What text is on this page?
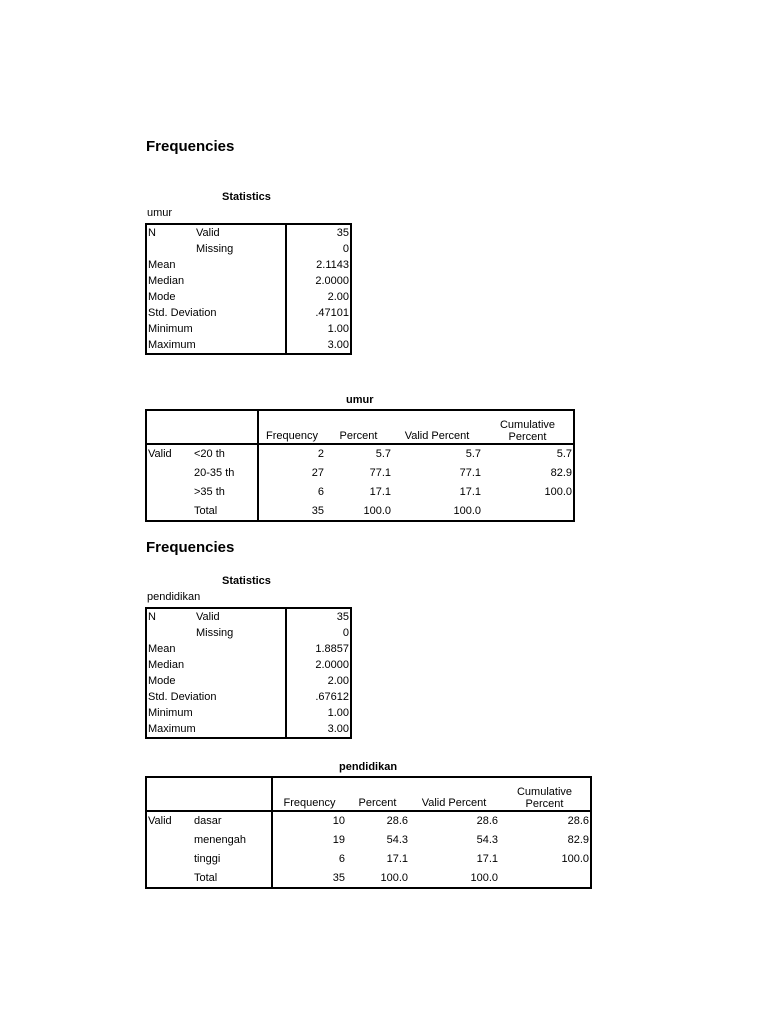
Frequencies
Statistics
umur
N	Valid	35
	Missing	0
Mean		2.1143
Median		2.0000
Mode		2.00
Std. Deviation		.47101
Minimum		1.00
Maximum		3.00
umur
		Frequency	Percent	Valid Percent	Cumulative Percent
Valid	<20 th	2	5.7	5.7	5.7
	20-35 th	27	77.1	77.1	82.9
	>35 th	6	17.1	17.1	100.0
	Total	35	100.0	100.0	
Frequencies
Statistics
pendidikan
N	Valid	35
	Missing	0
Mean		1.8857
Median		2.0000
Mode		2.00
Std. Deviation		.67612
Minimum		1.00
Maximum		3.00
pendidikan
		Frequency	Percent	Valid Percent	Cumulative Percent
Valid	dasar	10	28.6	28.6	28.6
	menengah	19	54.3	54.3	82.9
	tinggi	6	17.1	17.1	100.0
	Total	35	100.0	100.0	
